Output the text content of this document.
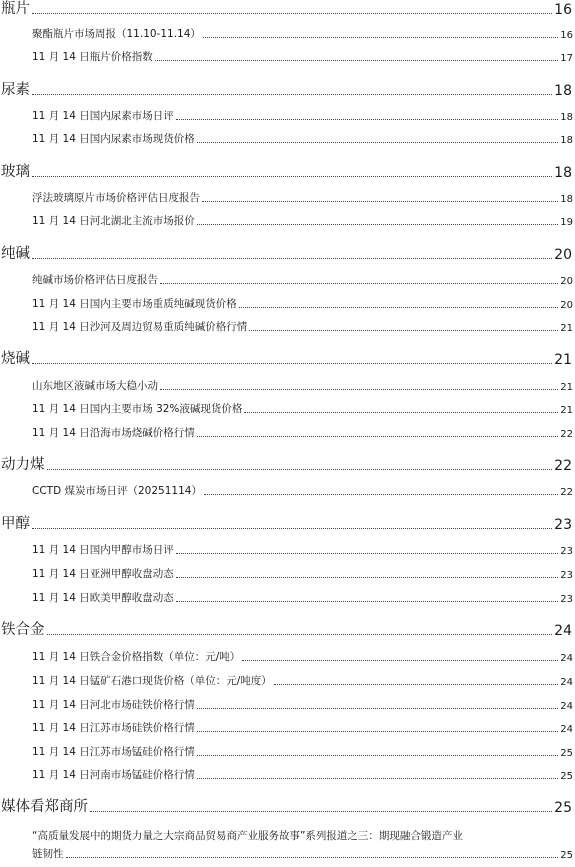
瓶片	16
聚酯瓶片市场周报（11.10-11.14）	16
11 月 14 日瓶片价格指数	17
尿素	18
11 月 14 日国内尿素市场日评	18
11 月 14 日国内尿素市场现货价格	18
玻璃	18
浮法玻璃原片市场价格评估日度报告	18
11 月 14 日河北湖北主流市场报价	19
纯碱	20
纯碱市场价格评估日度报告	20
11 月 14 日国内主要市场重质纯碱现货价格	20
11 月 14 日沙河及周边贸易重质纯碱价格行情	21
烧碱	21
山东地区液碱市场大稳小动	21
11 月 14 日国内主要市场 32%液碱现货价格	21
11 月 14 日沿海市场烧碱价格行情	22
动力煤	22
CCTD 煤炭市场日评（20251114）	22
甲醇	23
11 月 14 日国内甲醇市场日评	23
11 月 14 日亚洲甲醇收盘动态	23
11 月 14 日欧美甲醇收盘动态	23
铁合金	24
11 月 14 日铁合金价格指数（单位：元/吨）	24
11 月 14 日锰矿石港口现货价格（单位：元/吨度）	24
11 月 14 日河北市场硅铁价格行情	24
11 月 14 日江苏市场硅铁价格行情	24
11 月 14 日江苏市场锰硅价格行情	25
11 月 14 日河南市场锰硅价格行情	25
媒体看郑商所	25
“高质量发展中的期货力量之大宗商品贸易商产业服务故事”系列报道之三：期现融合锻造产业
链韧性	25
